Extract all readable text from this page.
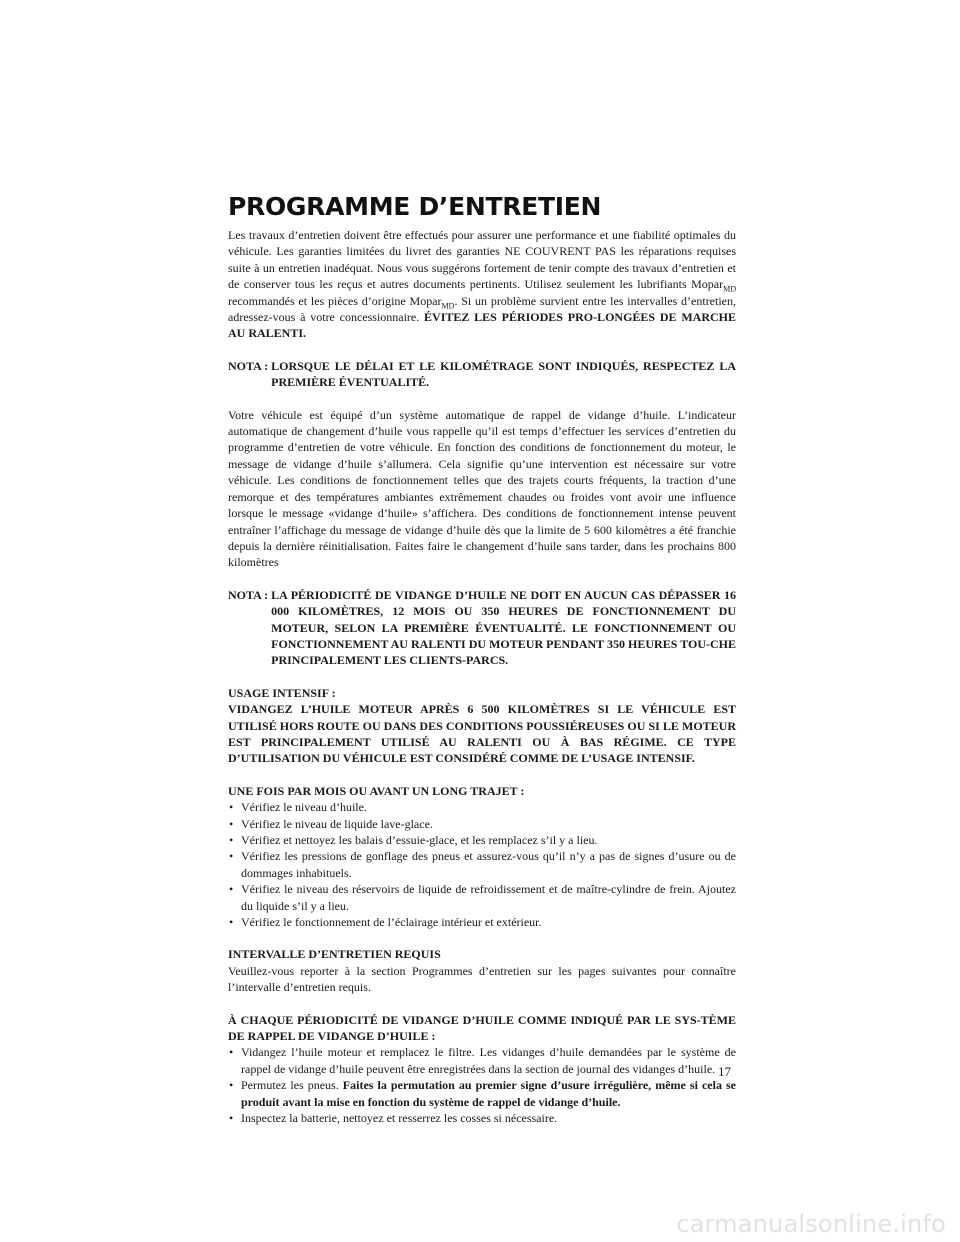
PROGRAMME D’ENTRETIEN

Les travaux d’entretien doivent être effectués pour assurer une performance et une fiabilité optimales du véhicule. Les garanties limitées du livret des garanties NE COUVRENT PAS les réparations requises suite à un entretien inadéquat. Nous vous suggérons fortement de tenir compte des travaux d’entretien et de conserver tous les reçus et autres documents pertinents. Utilisez seulement les lubrifiants Mopar$_{MD}$ recommandés et les pièces d’origine Mopar$_{MD}$. Si un problème survient entre les intervalles d’entretien, adressez-vous à votre concessionnaire. ÉVITEZ LES PÉRIODES PRO-LONGÉES DE MARCHE AU RALENTI.

NOTA : LORSQUE LE DÉLAI ET LE KILOMÉTRAGE SONT INDIQUÉS, RESPECTEZ LA PREMIÈRE ÉVENTUALITÉ.

Votre véhicule est équipé d’un système automatique de rappel de vidange d’huile. L’indicateur automatique de changement d’huile vous rappelle qu’il est temps d’effectuer les services d’entretien du programme d’entretien de votre véhicule. En fonction des conditions de fonctionnement du moteur, le message de vidange d’huile s’allumera. Cela signifie qu’une intervention est nécessaire sur votre véhicule. Les conditions de fonctionnement telles que des trajets courts fréquents, la traction d’une remorque et des températures ambiantes extrêmement chaudes ou froides vont avoir une influence lorsque le message «vidange d’huile» s’affichera. Des conditions de fonctionnement intense peuvent entraîner l’affichage du message de vidange d’huile dès que la limite de 5 600 kilomètres a été franchie depuis la dernière réinitialisation. Faites faire le changement d’huile sans tarder, dans les prochains 800 kilomètres

NOTA : LA PÉRIODICITÉ DE VIDANGE D’HUILE NE DOIT EN AUCUN CAS DÉPASSER 16 000 KILOMÈTRES, 12 MOIS OU 350 HEURES DE FONCTIONNEMENT DU MOTEUR, SELON LA PREMIÈRE ÉVENTUALITÉ. LE FONCTIONNEMENT OU FONCTIONNEMENT AU RALENTI DU MOTEUR PENDANT 350 HEURES TOU-CHE PRINCIPALEMENT LES CLIENTS-PARCS.

USAGE INTENSIF :

VIDANGEZ L’HUILE MOTEUR APRÈS 6 500 KILOMÈTRES SI LE VÉHICULE EST UTILISÉ HORS ROUTE OU DANS DES CONDITIONS POUSSIÉREUSES OU SI LE MOTEUR EST PRINCIPALEMENT UTILISÉ AU RALENTI OU À BAS RÉGIME. CE TYPE D’UTILISATION DU VÉHICULE EST CONSIDÉRÉ COMME DE L’USAGE INTENSIF.

UNE FOIS PAR MOIS OU AVANT UN LONG TRAJET :

• Vérifiez le niveau d’huile.
• Vérifiez le niveau de liquide lave-glace.
• Vérifiez et nettoyez les balais d’essuie-glace, et les remplacez s’il y a lieu.
• Vérifiez les pressions de gonflage des pneus et assurez-vous qu’il n’y a pas de signes d’usure ou de dommages inhabituels.
• Vérifiez le niveau des réservoirs de liquide de refroidissement et de maître-cylindre de frein. Ajoutez du liquide s’il y a lieu.
• Vérifiez le fonctionnement de l’éclairage intérieur et extérieur.

INTERVALLE D’ENTRETIEN REQUIS

Veuillez-vous reporter à la section Programmes d’entretien sur les pages suivantes pour connaître l’intervalle d’entretien requis.

À CHAQUE PÉRIODICITÉ DE VIDANGE D’HUILE COMME INDIQUÉ PAR LE SYS-TÈME DE RAPPEL DE VIDANGE D’HUILE :

• Vidangez l’huile moteur et remplacez le filtre. Les vidanges d’huile demandées par le système de rappel de vidange d’huile peuvent être enregistrées dans la section de journal des vidanges d’huile.
• Permutez les pneus. Faites la permutation au premier signe d’usure irrégulière, même si cela se produit avant la mise en fonction du système de rappel de vidange d’huile.
• Inspectez la batterie, nettoyez et resserrez les cosses si nécessaire.
17
carmanualsonline.info
